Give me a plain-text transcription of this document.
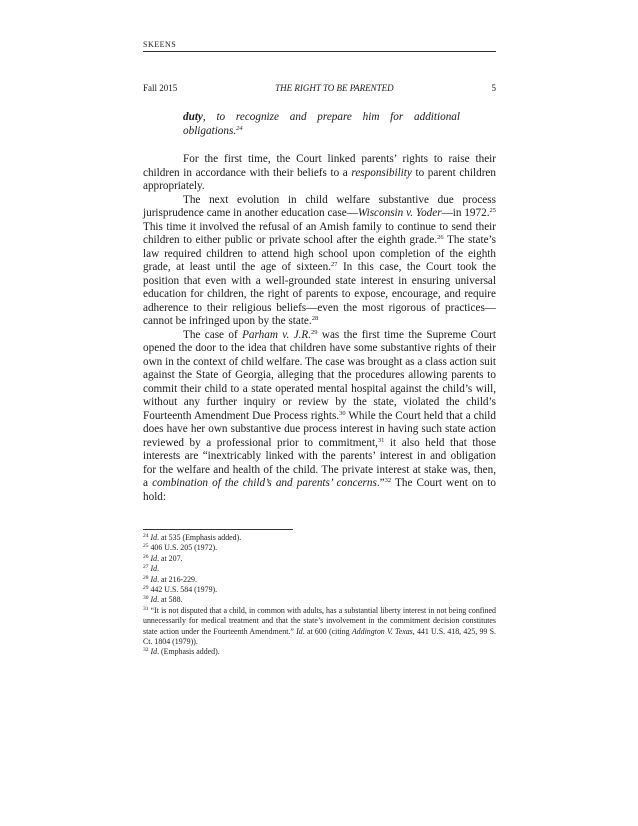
SKEENS
Fall 2015	THE RIGHT TO BE PARENTED	5

duty, to recognize and prepare him for additional obligations.$^{24}$

For the first time, the Court linked parents’ rights to raise their children in accordance with their beliefs to a responsibility to parent children appropriately.

The next evolution in child welfare substantive due process jurisprudence came in another education case—Wisconsin v. Yoder—in 1972.25 This time it involved the refusal of an Amish family to continue to send their children to either public or private school after the eighth grade.$^{26}$ The state’s law required children to attend high school upon completion of the eighth grade, at least until the age of sixteen.$^{27}$ In this case, the Court took the position that even with a well-grounded state interest in ensuring universal education for children, the right of parents to expose, encourage, and require adherence to their religious beliefs—even the most rigorous of practices—cannot be infringed upon by the state.$^{28}$

The case of Parham v. J.R.$^{29}$ was the first time the Supreme Court opened the door to the idea that children have some substantive rights of their own in the context of child welfare. The case was brought as a class action suit against the State of Georgia, alleging that the procedures allowing parents to commit their child to a state operated mental hospital against the child’s will, without any further inquiry or review by the state, violated the child’s Fourteenth Amendment Due Process rights.$^{30}$ While the Court held that a child does have her own substantive due process interest in having such state action reviewed by a professional prior to commitment,$^{31}$ it also held that those interests are “inextricably linked with the parents’ interest in and obligation for the welfare and health of the child. The private interest at stake was, then, a combination of the child’s and parents’ concerns.”$^{32}$ The Court went on to hold:

$^{24}$ Id. at 535 (Emphasis added).
$^{25}$ 406 U.S. 205 (1972).
$^{26}$ Id. at 207.
$^{27}$ Id.
$^{28}$ Id. at 216-229.
$^{29}$ 442 U.S. 584 (1979).
$^{30}$ Id. at 588.
$^{31}$ “It is not disputed that a child, in common with adults, has a substantial liberty interest in not being confined unnecessarily for medical treatment and that the state’s involvement in the commitment decision constitutes state action under the Fourteenth Amendment.” Id. at 600 (citing Addington V. Texas, 441 U.S. 418, 425, 99 S. Ct. 1804 (1979)).
$^{32}$ Id. (Emphasis added).
